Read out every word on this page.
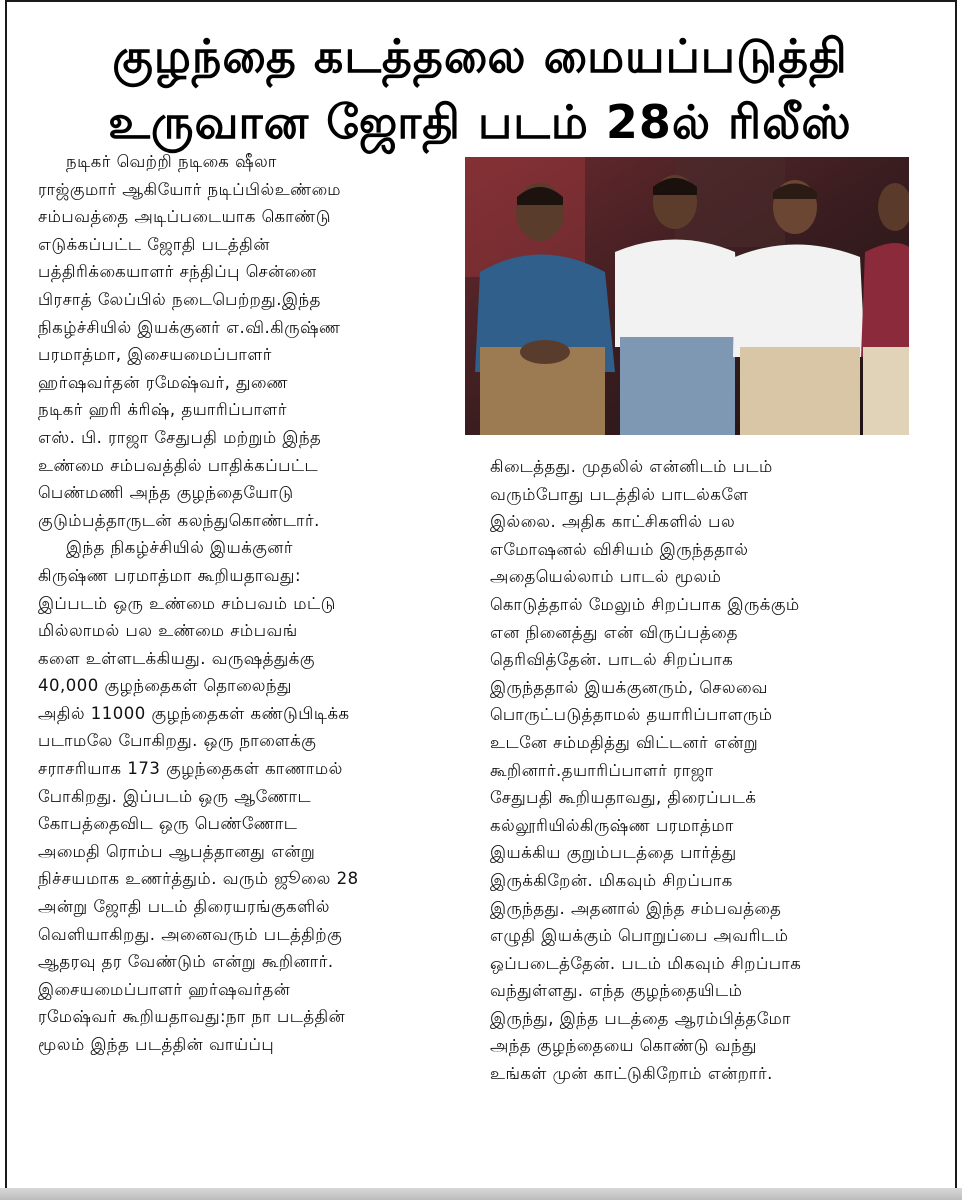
குழந்தை கடத்தலை மையப்படுத்தி
உருவான ஜோதி படம் 28ல் ரிலீஸ்

நடிகர் வெற்றி நடிகை ஷீலா
ராஜ்குமார் ஆகியோர் நடிப்பில்உண்மை
சம்பவத்தை அடிப்படையாக கொண்டு
எடுக்கப்பட்ட ஜோதி படத்தின்
பத்திரிக்கையாளர் சந்திப்பு சென்னை
பிரசாத் லேப்பில் நடைபெற்றது.இந்த
நிகழ்ச்சியில் இயக்குனர் எ.வி.கிருஷ்ண
பரமாத்மா, இசையமைப்பாளர்
ஹர்ஷவர்தன் ரமேஷ்வர், துணை
நடிகர் ஹரி க்ரிஷ், தயாரிப்பாளர்
எஸ். பி. ராஜா சேதுபதி மற்றும் இந்த
உண்மை சம்பவத்தில் பாதிக்கப்பட்ட
பெண்மணி அந்த குழந்தையோடு
குடும்பத்தாருடன் கலந்துகொண்டார்.

இந்த நிகழ்ச்சியில் இயக்குனர்
கிருஷ்ண பரமாத்மா கூறியதாவது:
இப்படம் ஒரு உண்மை சம்பவம் மட்டு
மில்லாமல் பல உண்மை சம்பவங்
களை உள்ளடக்கியது. வருஷத்துக்கு
40,000 குழந்தைகள் தொலைந்து
அதில் 11000 குழந்தைகள் கண்டுபிடிக்க
படாமலே போகிறது. ஒரு நாளைக்கு
சராசரியாக 173 குழந்தைகள் காணாமல்
போகிறது. இப்படம் ஒரு ஆணோட
கோபத்தைவிட ஒரு பெண்ணோட
அமைதி ரொம்ப ஆபத்தானது என்று
நிச்சயமாக உணர்த்தும். வரும் ஜூலை 28
அன்று ஜோதி படம் திரையரங்குகளில்
வெளியாகிறது. அனைவரும் படத்திற்கு
ஆதரவு தர வேண்டும் என்று கூறினார்.
இசையமைப்பாளர் ஹர்ஷவர்தன்
ரமேஷ்வர் கூறியதாவது:நா நா படத்தின்
மூலம் இந்த படத்தின் வாய்ப்பு

கிடைத்தது. முதலில் என்னிடம் படம்
வரும்போது படத்தில் பாடல்களே
இல்லை. அதிக காட்சிகளில் பல
எமோஷனல் விசியம் இருந்ததால்
அதையெல்லாம் பாடல் மூலம்
கொடுத்தால் மேலும் சிறப்பாக இருக்கும்
என நினைத்து என் விருப்பத்தை
தெரிவித்தேன். பாடல் சிறப்பாக
இருந்ததால் இயக்குனரும், செலவை
பொருட்படுத்தாமல் தயாரிப்பாளரும்
உடனே சம்மதித்து விட்டனர் என்று
கூறினார்.தயாரிப்பாளர் ராஜா
சேதுபதி கூறியதாவது, திரைப்படக்
கல்லூரியில்கிருஷ்ண பரமாத்மா
இயக்கிய குறும்படத்தை பார்த்து
இருக்கிறேன். மிகவும் சிறப்பாக
இருந்தது. அதனால் இந்த சம்பவத்தை
எழுதி இயக்கும் பொறுப்பை அவரிடம்
ஒப்படைத்தேன். படம் மிகவும் சிறப்பாக
வந்துள்ளது. எந்த குழந்தையிடம்
இருந்து, இந்த படத்தை ஆரம்பித்தமோ
அந்த குழந்தையை கொண்டு வந்து
உங்கள் முன் காட்டுகிறோம் என்றார்.
